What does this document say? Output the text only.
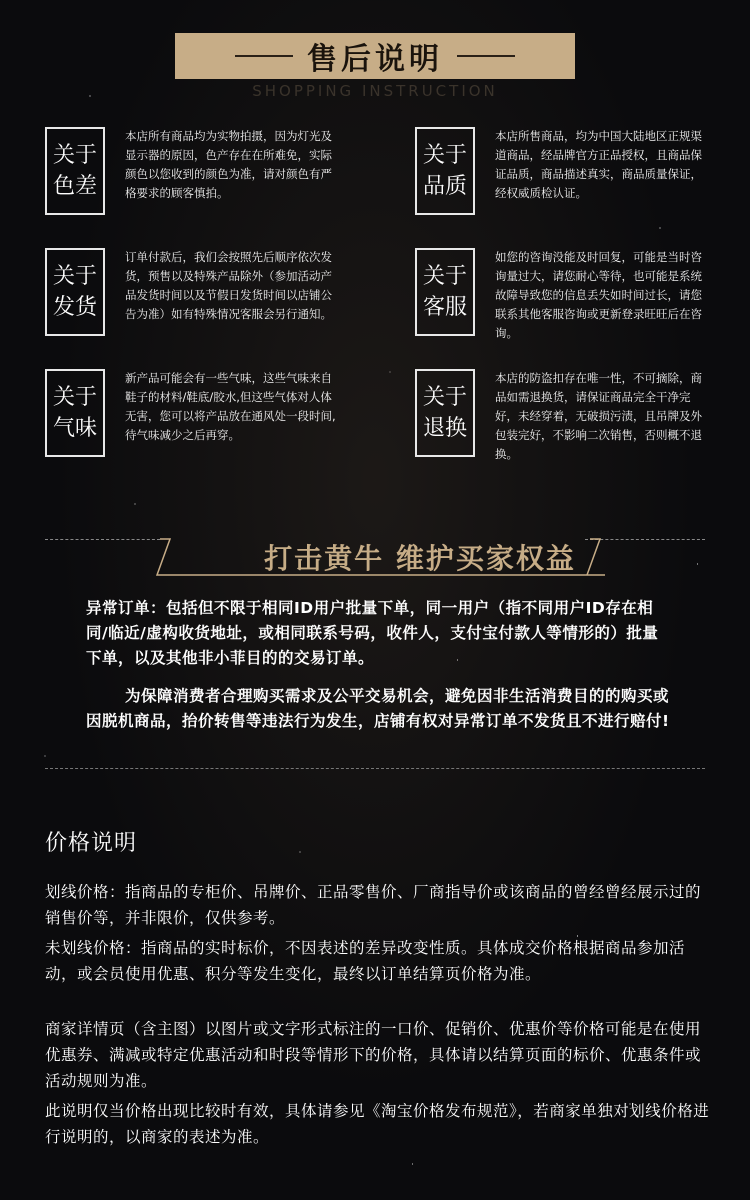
售后说明
SHOPPING INSTRUCTION
关于色差
本店所有商品均为实物拍摄，因为灯光及显示器的原因，色产存在在所难免，实际颜色以您收到的颜色为准，请对颜色有严格要求的顾客慎拍。
关于品质
本店所售商品，均为中国大陆地区正规渠道商品，经品牌官方正品授权，且商品保证品质，商品描述真实，商品质量保证，经权威质检认证。
关于发货
订单付款后，我们会按照先后顺序依次发货，预售以及特殊产品除外（参加活动产品发货时间以及节假日发货时间以店铺公告为准）如有特殊情况客服会另行通知。
关于客服
如您的咨询没能及时回复，可能是当时咨询量过大，请您耐心等待，也可能是系统故障导致您的信息丢失如时间过长，请您联系其他客服咨询或更新登录旺旺后在咨询。
关于气味
新产品可能会有一些气味，这些气味来自鞋子的材料/鞋底/胶水,但这些气体对人体无害，您可以将产品放在通风处一段时间,待气味减少之后再穿。
关于退换
本店的防盗扣存在唯一性，不可摘除，商品如需退换货，请保证商品完全干净完好，未经穿着，无破损污渍，且吊牌及外包装完好，不影响二次销售，否则概不退换。
打击黄牛 维护买家权益
异常订单：包括但不限于相同ID用户批量下单，同一用户（指不同用户ID存在相同/临近/虚构收货地址，或相同联系号码，收件人，支付宝付款人等情形的）批量下单，以及其他非小菲目的的交易订单。
为保障消费者合理购买需求及公平交易机会，避免因非生活消费目的的购买或因脱机商品，抬价转售等违法行为发生，店铺有权对异常订单不发货且不进行赔付!
价格说明
划线价格：指商品的专柜价、吊牌价、正品零售价、厂商指导价或该商品的曾经曾经展示过的销售价等，并非限价，仅供参考。
未划线价格：指商品的实时标价，不因表述的差异改变性质。具体成交价格根据商品参加活动，或会员使用优惠、积分等发生变化，最终以订单结算页价格为准。
商家详情页（含主图）以图片或文字形式标注的一口价、促销价、优惠价等价格可能是在使用优惠券、满减或特定优惠活动和时段等情形下的价格，具体请以结算页面的标价、优惠条件或活动规则为准。
此说明仅当价格出现比较时有效，具体请参见《淘宝价格发布规范》，若商家单独对划线价格进行说明的，以商家的表述为准。
